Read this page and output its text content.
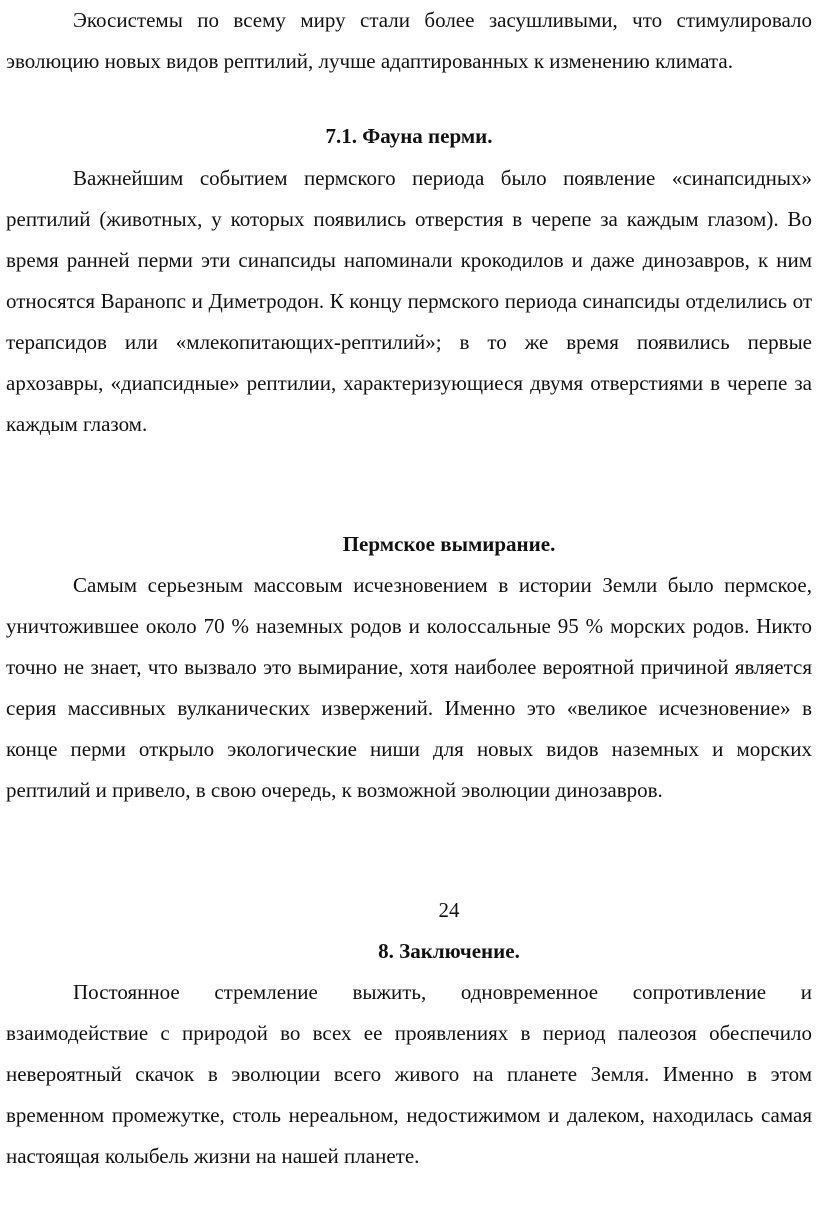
Экосистемы по всему миру стали более засушливыми, что стимулировало эволюцию новых видов рептилий, лучше адаптированных к изменению климата.

7.1. Фауна перми.

Важнейшим событием пермского периода было появление «синапсидных» рептилий (животных, у которых появились отверстия в черепе за каждым глазом). Во время ранней перми эти синапсиды напоминали крокодилов и даже динозавров, к ним относятся Варанопс и Диметродон. К концу пермского периода синапсиды отделились от терапсидов или «млекопитающих-рептилий»; в то же время появились первые архозавры, «диапсидные» рептилии, характеризующиеся двумя отверстиями в черепе за каждым глазом.

Пермское вымирание.

Самым серьезным массовым исчезновением в истории Земли было пермское, уничтожившее около 70 % наземных родов и колоссальные 95 % морских родов. Никто точно не знает, что вызвало это вымирание, хотя наиболее вероятной причиной является серия массивных вулканических извержений. Именно это «великое исчезновение» в конце перми открыло экологические ниши для новых видов наземных и морских рептилий и привело, в свою очередь, к возможной эволюции динозавров.

24
8. Заключение.

Постоянное стремление выжить, одновременное сопротивление и взаимодействие с природой во всех ее проявлениях в период палеозоя обеспечило невероятный скачок в эволюции всего живого на планете Земля. Именно в этом временном промежутке, столь нереальном, недостижимом и далеком, находилась самая настоящая колыбель жизни на нашей планете.
